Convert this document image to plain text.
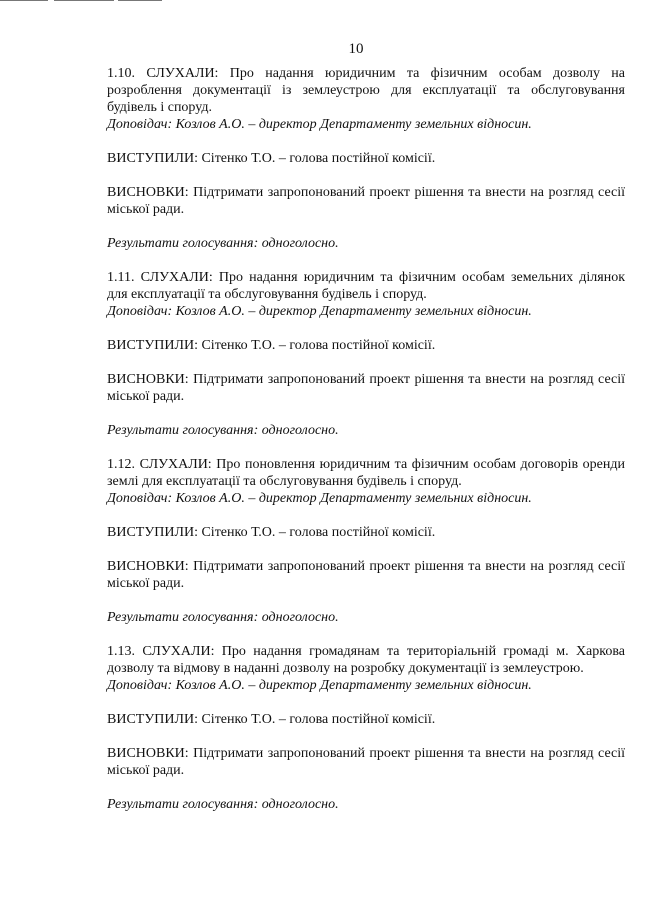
10

1.10. СЛУХАЛИ: Про надання юридичним та фізичним особам дозволу на розроблення документації із землеустрою для експлуатації та обслуговування будівель і споруд.

Доповідач: Козлов А.О. – директор Департаменту земельних відносин.

ВИСТУПИЛИ: Сітенко Т.О. – голова постійної комісії.

ВИСНОВКИ: Підтримати запропонований проект рішення та внести на розгляд сесії міської ради.

Результати голосування: одноголосно.

1.11. СЛУХАЛИ: Про надання юридичним та фізичним особам земельних ділянок для експлуатації та обслуговування будівель і споруд.

Доповідач: Козлов А.О. – директор Департаменту земельних відносин.

ВИСТУПИЛИ: Сітенко Т.О. – голова постійної комісії.

ВИСНОВКИ: Підтримати запропонований проект рішення та внести на розгляд сесії міської ради.

Результати голосування: одноголосно.

1.12. СЛУХАЛИ: Про поновлення юридичним та фізичним особам договорів оренди землі для експлуатації та обслуговування будівель і споруд.

Доповідач: Козлов А.О. – директор Департаменту земельних відносин.

ВИСТУПИЛИ: Сітенко Т.О. – голова постійної комісії.

ВИСНОВКИ: Підтримати запропонований проект рішення та внести на розгляд сесії міської ради.

Результати голосування: одноголосно.

1.13. СЛУХАЛИ: Про надання громадянам та територіальній громаді м. Харкова дозволу та відмову в наданні дозволу на розробку документації із землеустрою.

Доповідач: Козлов А.О. – директор Департаменту земельних відносин.

ВИСТУПИЛИ: Сітенко Т.О. – голова постійної комісії.

ВИСНОВКИ: Підтримати запропонований проект рішення та внести на розгляд сесії міської ради.

Результати голосування: одноголосно.
